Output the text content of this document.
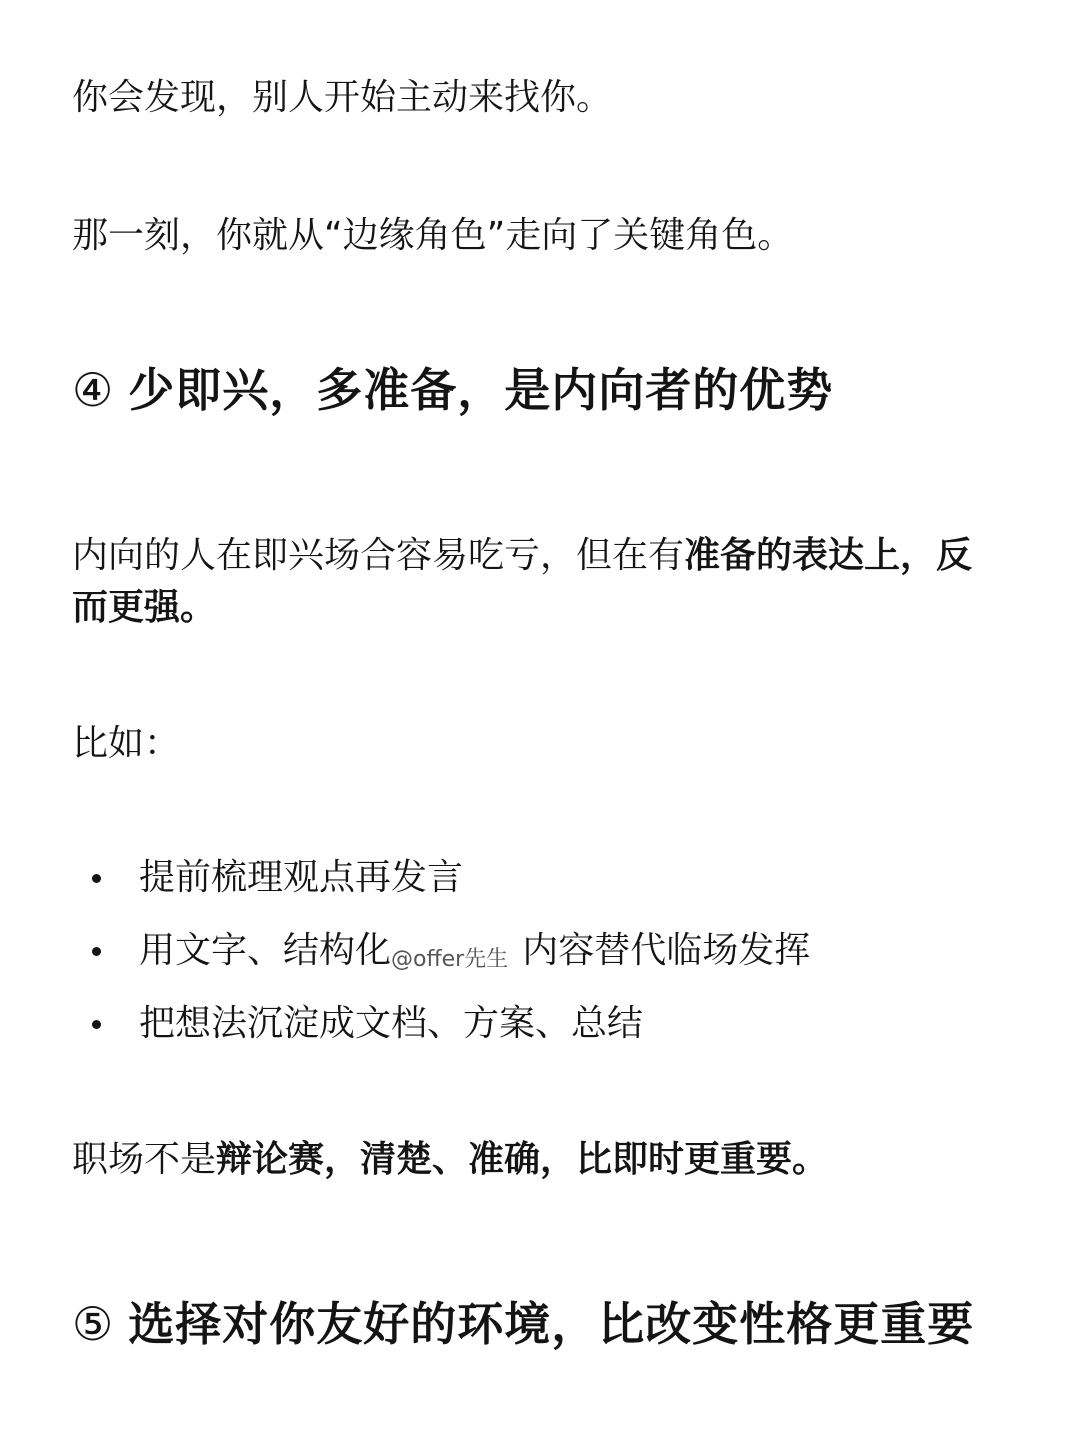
你会发现，别人开始主动来找你。
那一刻，你就从“边缘角色”走向了关键角色。
④ 少即兴，多准备，是内向者的优势
内向的人在即兴场合容易吃亏，但在有准备的表达上，反而更强。
比如：
提前梳理观点再发言
用文字、结构化@offer先生 内容替代临场发挥
把想法沉淀成文档、方案、总结
职场不是辩论赛，清楚、准确，比即时更重要。
⑤ 选择对你友好的环境，比改变性格更重要
